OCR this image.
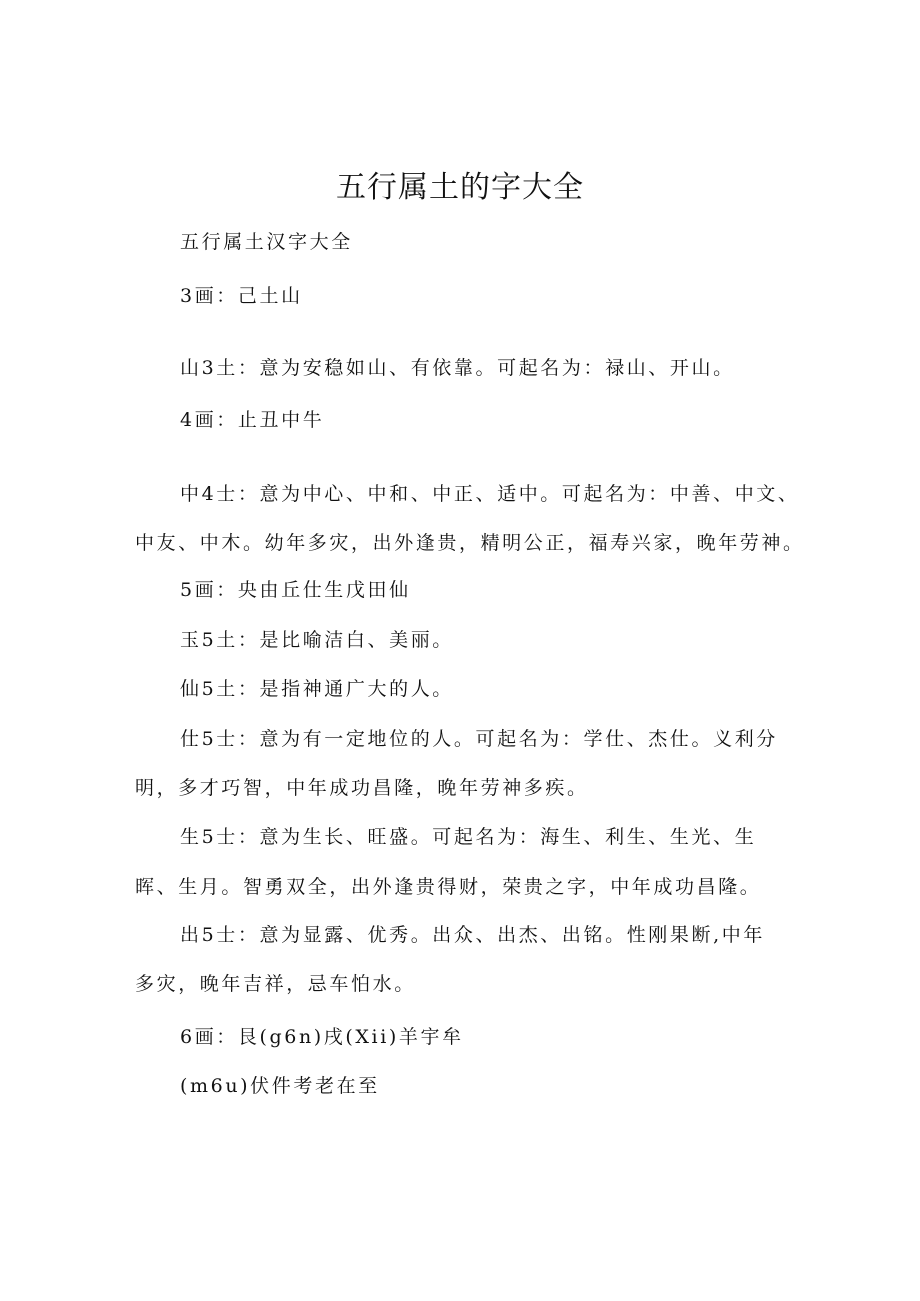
五行属土的字大全

五行属土汉字大全

3画：己土山

山3土：意为安稳如山、有依靠。可起名为：禄山、开山。

4画：止丑中牛

中4士：意为中心、中和、中正、适中。可起名为：中善、中文、

中友、中木。幼年多灾，出外逢贵，精明公正，福寿兴家，晚年劳神。

5画：央由丘仕生戊田仙

玉5土：是比喻洁白、美丽。

仙5土：是指神通广大的人。

仕5士：意为有一定地位的人。可起名为：学仕、杰仕。义利分

明，多才巧智，中年成功昌隆，晚年劳神多疾。

生5士：意为生长、旺盛。可起名为：海生、利生、生光、生

晖、生月。智勇双全，出外逢贵得财，荣贵之字，中年成功昌隆。

出5士：意为显露、优秀。出众、出杰、出铭。性刚果断,中年

多灾，晚年吉祥，忌车怕水。

6画：艮(g6n)戌(Xii)羊宇牟

(m6u)伏件考老在至
